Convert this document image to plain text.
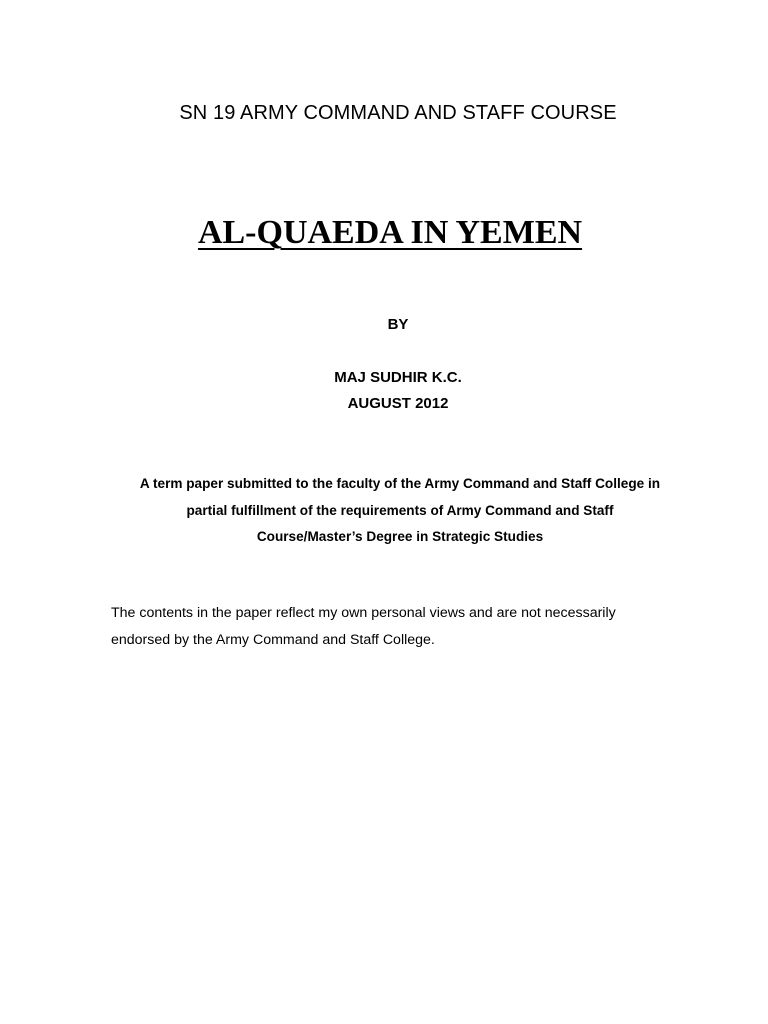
SN 19 ARMY COMMAND AND STAFF COURSE

AL-QUAEDA IN YEMEN

BY

MAJ SUDHIR K.C.

AUGUST 2012

A term paper submitted to the faculty of the Army Command and Staff College in
partial fulfillment of the requirements of Army Command and Staff
Course/Master’s Degree in Strategic Studies
The contents in the paper reflect my own personal views and are not necessarily
endorsed by the Army Command and Staff College.
